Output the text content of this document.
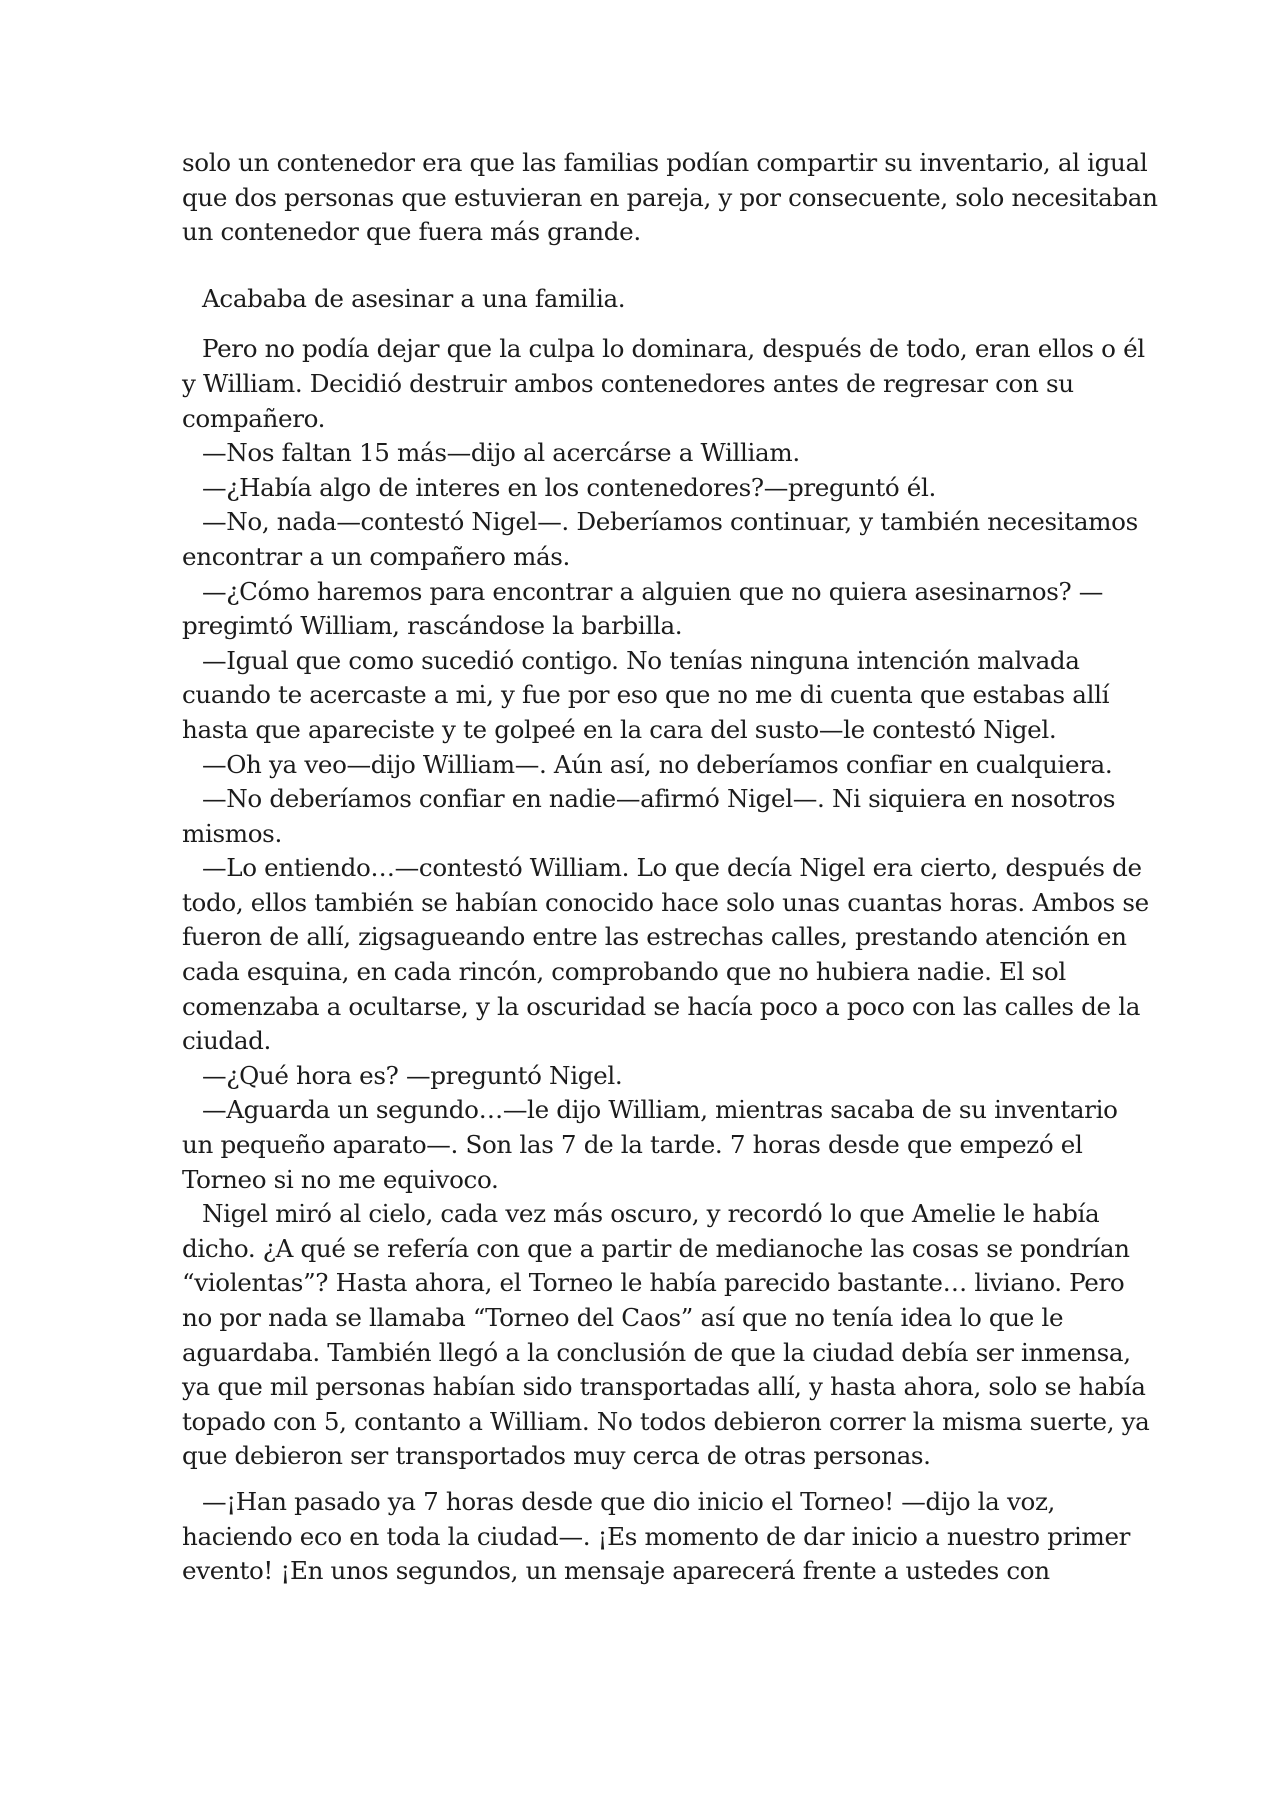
solo un contenedor era que las familias podían compartir su inventario, al igual
que dos personas que estuvieran en pareja, y por consecuente, solo necesitaban
un contenedor que fuera más grande.
Acababa de asesinar a una familia.
Pero no podía dejar que la culpa lo dominara, después de todo, eran ellos o él
y William. Decidió destruir ambos contenedores antes de regresar con su
compañero.
—Nos faltan 15 más—dijo al acercárse a William.
—¿Había algo de interes en los contenedores?—preguntó él.
—No, nada—contestó Nigel—. Deberíamos continuar, y también necesitamos
encontrar a un compañero más.
—¿Cómo haremos para encontrar a alguien que no quiera asesinarnos? —
pregimtó William, rascándose la barbilla.
—Igual que como sucedió contigo. No tenías ninguna intención malvada
cuando te acercaste a mi, y fue por eso que no me di cuenta que estabas allí
hasta que apareciste y te golpeé en la cara del susto—le contestó Nigel.
—Oh ya veo—dijo William—. Aún así, no deberíamos confiar en cualquiera.
—No deberíamos confiar en nadie—afirmó Nigel—. Ni siquiera en nosotros
mismos.
—Lo entiendo…—contestó William. Lo que decía Nigel era cierto, después de
todo, ellos también se habían conocido hace solo unas cuantas horas. Ambos se
fueron de allí, zigsagueando entre las estrechas calles, prestando atención en
cada esquina, en cada rincón, comprobando que no hubiera nadie. El sol
comenzaba a ocultarse, y la oscuridad se hacía poco a poco con las calles de la
ciudad.
—¿Qué hora es? —preguntó Nigel.
—Aguarda un segundo…—le dijo William, mientras sacaba de su inventario
un pequeño aparato—. Son las 7 de la tarde. 7 horas desde que empezó el
Torneo si no me equivoco.
Nigel miró al cielo, cada vez más oscuro, y recordó lo que Amelie le había
dicho. ¿A qué se refería con que a partir de medianoche las cosas se pondrían
“violentas”? Hasta ahora, el Torneo le había parecido bastante… liviano. Pero
no por nada se llamaba “Torneo del Caos” así que no tenía idea lo que le
aguardaba. También llegó a la conclusión de que la ciudad debía ser inmensa,
ya que mil personas habían sido transportadas allí, y hasta ahora, solo se había
topado con 5, contanto a William. No todos debieron correr la misma suerte, ya
que debieron ser transportados muy cerca de otras personas.
—¡Han pasado ya 7 horas desde que dio inicio el Torneo! —dijo la voz,
haciendo eco en toda la ciudad—. ¡Es momento de dar inicio a nuestro primer
evento! ¡En unos segundos, un mensaje aparecerá frente a ustedes con
